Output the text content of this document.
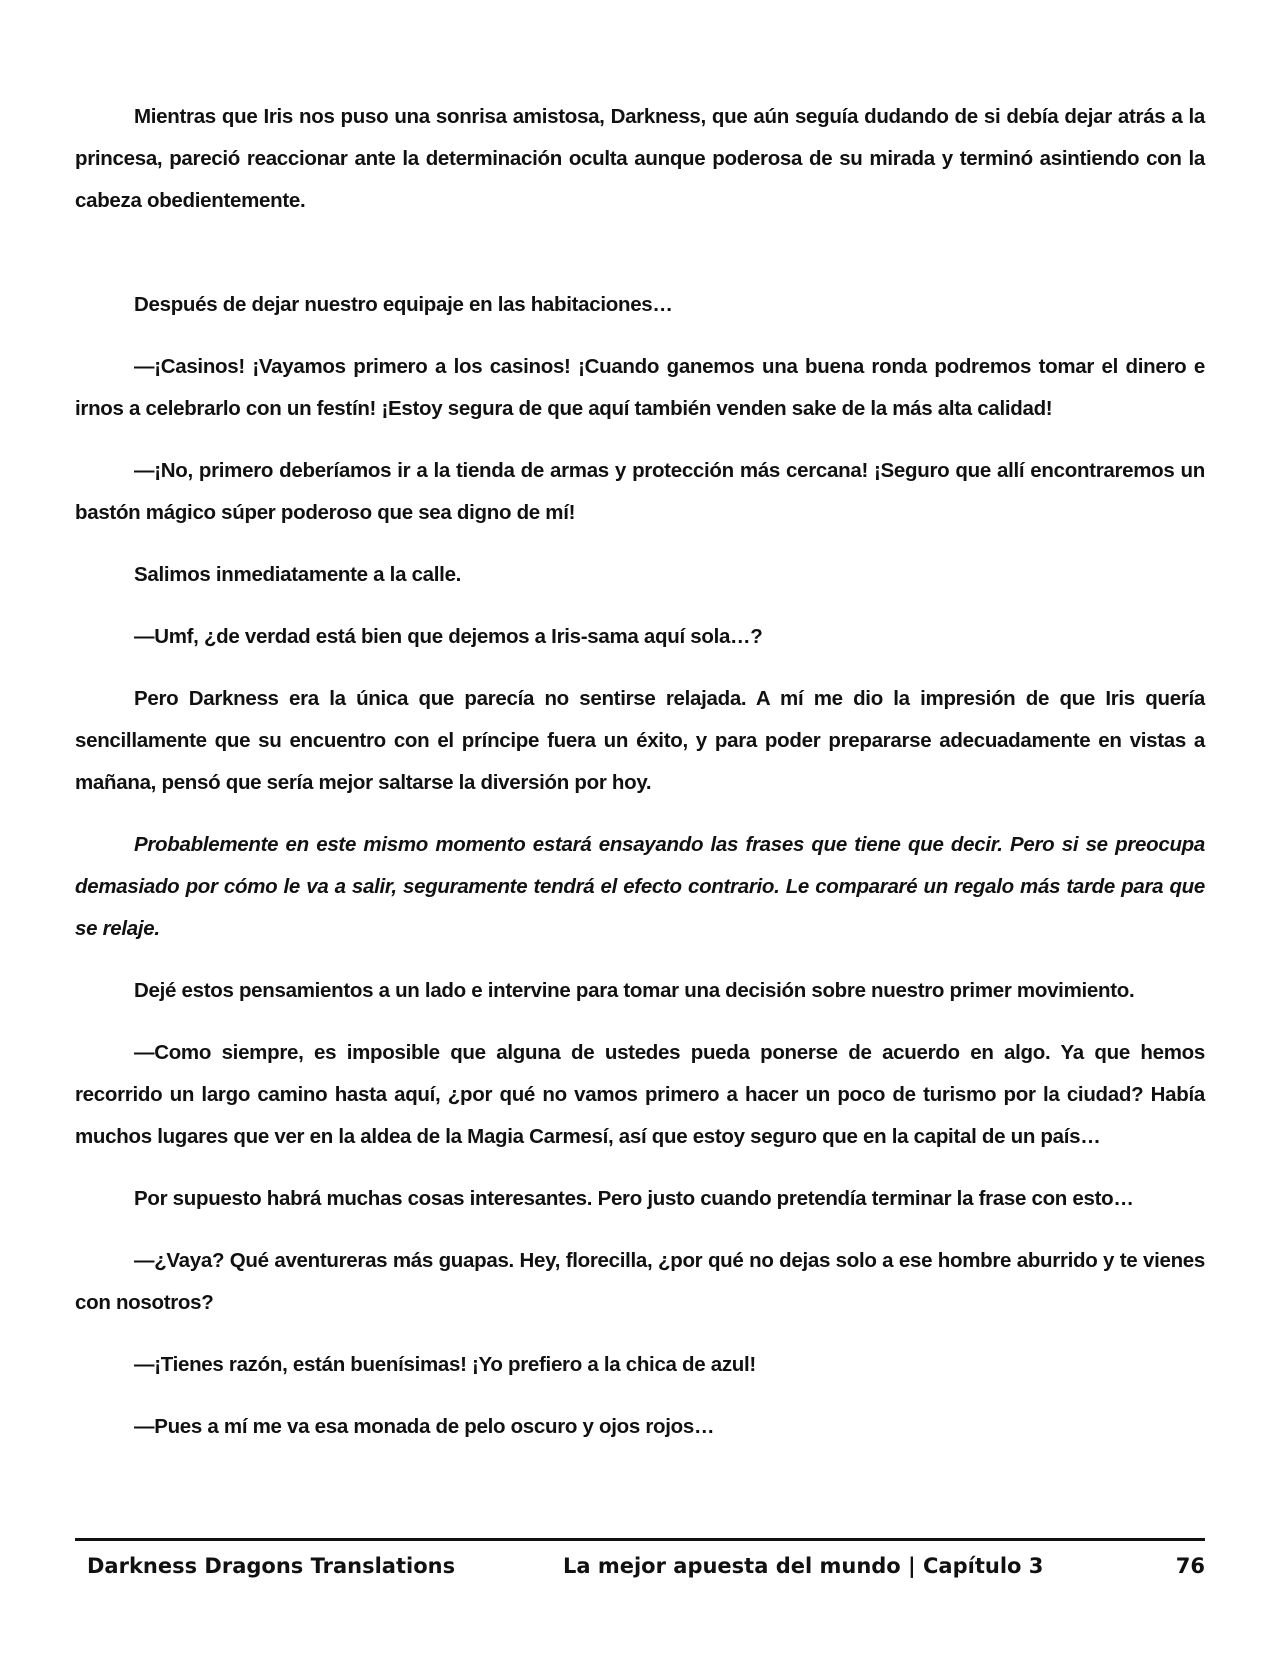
Mientras que Iris nos puso una sonrisa amistosa, Darkness, que aún seguía dudando de si debía dejar atrás a la princesa, pareció reaccionar ante la determinación oculta aunque poderosa de su mirada y terminó asintiendo con la cabeza obedientemente.

Después de dejar nuestro equipaje en las habitaciones…

—¡Casinos! ¡Vayamos primero a los casinos! ¡Cuando ganemos una buena ronda podremos tomar el dinero e irnos a celebrarlo con un festín! ¡Estoy segura de que aquí también venden sake de la más alta calidad!

—¡No, primero deberíamos ir a la tienda de armas y protección más cercana! ¡Seguro que allí encontraremos un bastón mágico súper poderoso que sea digno de mí!

Salimos inmediatamente a la calle.

—Umf, ¿de verdad está bien que dejemos a Iris-sama aquí sola…?

Pero Darkness era la única que parecía no sentirse relajada. A mí me dio la impresión de que Iris quería sencillamente que su encuentro con el príncipe fuera un éxito, y para poder prepararse adecuadamente en vistas a mañana, pensó que sería mejor saltarse la diversión por hoy.

Probablemente en este mismo momento estará ensayando las frases que tiene que decir. Pero si se preocupa demasiado por cómo le va a salir, seguramente tendrá el efecto contrario. Le compararé un regalo más tarde para que se relaje.

Dejé estos pensamientos a un lado e intervine para tomar una decisión sobre nuestro primer movimiento.

—Como siempre, es imposible que alguna de ustedes pueda ponerse de acuerdo en algo. Ya que hemos recorrido un largo camino hasta aquí, ¿por qué no vamos primero a hacer un poco de turismo por la ciudad? Había muchos lugares que ver en la aldea de la Magia Carmesí, así que estoy seguro que en la capital de un país…

Por supuesto habrá muchas cosas interesantes. Pero justo cuando pretendía terminar la frase con esto…

—¿Vaya? Qué aventureras más guapas. Hey, florecilla, ¿por qué no dejas solo a ese hombre aburrido y te vienes con nosotros?

—¡Tienes razón, están buenísimas! ¡Yo prefiero a la chica de azul!

—Pues a mí me va esa monada de pelo oscuro y ojos rojos…

Darkness Dragons Translations	La mejor apuesta del mundo | Capítulo 3	76
